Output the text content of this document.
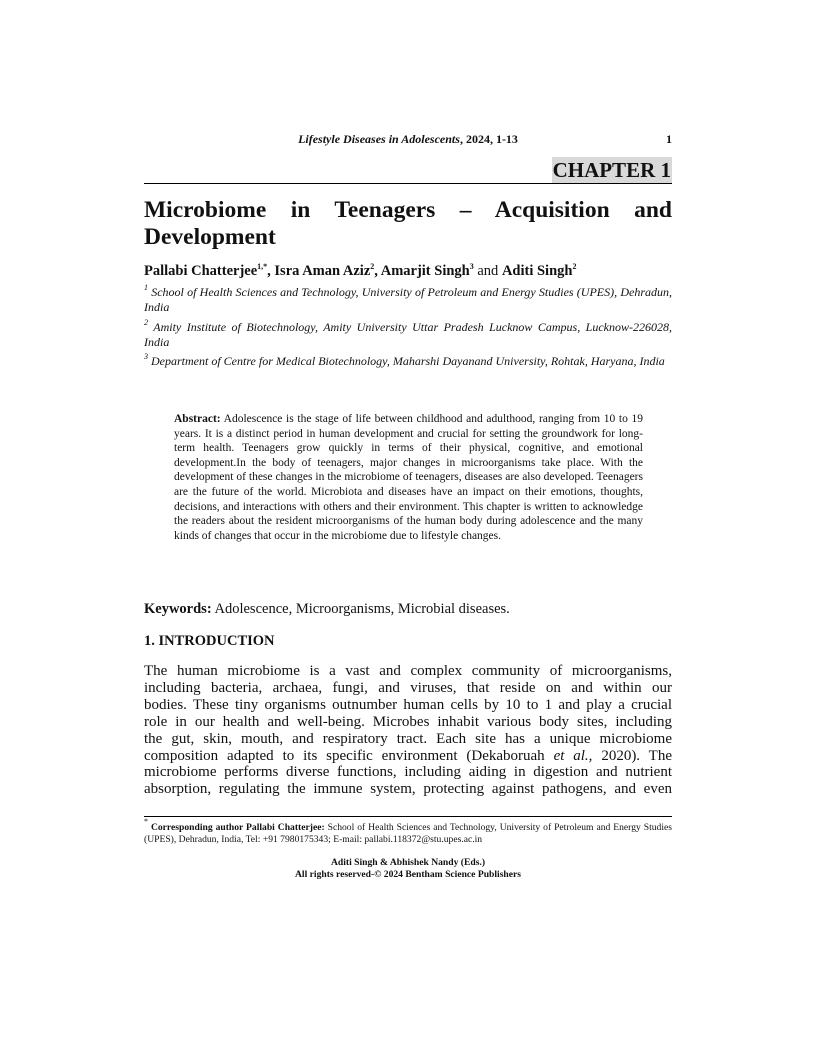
Lifestyle Diseases in Adolescents, 2024, 1-13	1
CHAPTER 1
Microbiome in Teenagers – Acquisition and Development
Pallabi Chatterjee$^{1,*}$, Isra Aman Aziz$^2$, Amarjit Singh$^3$ and Aditi Singh$^2$
$^1$ School of Health Sciences and Technology, University of Petroleum and Energy Studies (UPES), Dehradun, India
$^2$ Amity Institute of Biotechnology, Amity University Uttar Pradesh Lucknow Campus, Lucknow-226028, India
$^3$ Department of Centre for Medical Biotechnology, Maharshi Dayanand University, Rohtak, Haryana, India
Abstract: Adolescence is the stage of life between childhood and adulthood, ranging from 10 to 19 years. It is a distinct period in human development and crucial for setting the groundwork for long-term health. Teenagers grow quickly in terms of their physical, cognitive, and emotional development.In the body of teenagers, major changes in microorganisms take place. With the development of these changes in the microbiome of teenagers, diseases are also developed. Teenagers are the future of the world. Microbiota and diseases have an impact on their emotions, thoughts, decisions, and interactions with others and their environment. This chapter is written to acknowledge the readers about the resident microorganisms of the human body during adolescence and the many kinds of changes that occur in the microbiome due to lifestyle changes.
Keywords: Adolescence, Microorganisms, Microbial diseases.
1. INTRODUCTION
The human microbiome is a vast and complex community of microorganisms,
including bacteria, archaea, fungi, and viruses, that reside on and within our
bodies. These tiny organisms outnumber human cells by 10 to 1 and play a crucial
role in our health and well-being. Microbes inhabit various body sites, including
the gut, skin, mouth, and respiratory tract. Each site has a unique microbiome
composition adapted to its specific environment (Dekaboruah et al., 2020). The
microbiome performs diverse functions, including aiding in digestion and nutrient
absorption, regulating the immune system, protecting against pathogens, and even
* Corresponding author Pallabi Chatterjee: School of Health Sciences and Technology, University of Petroleum and Energy Studies (UPES), Dehradun, India, Tel: +91 7980175343; E-mail: pallabi.118372@stu.upes.ac.in
Aditi Singh & Abhishek Nandy (Eds.)
All rights reserved-© 2024 Bentham Science Publishers
